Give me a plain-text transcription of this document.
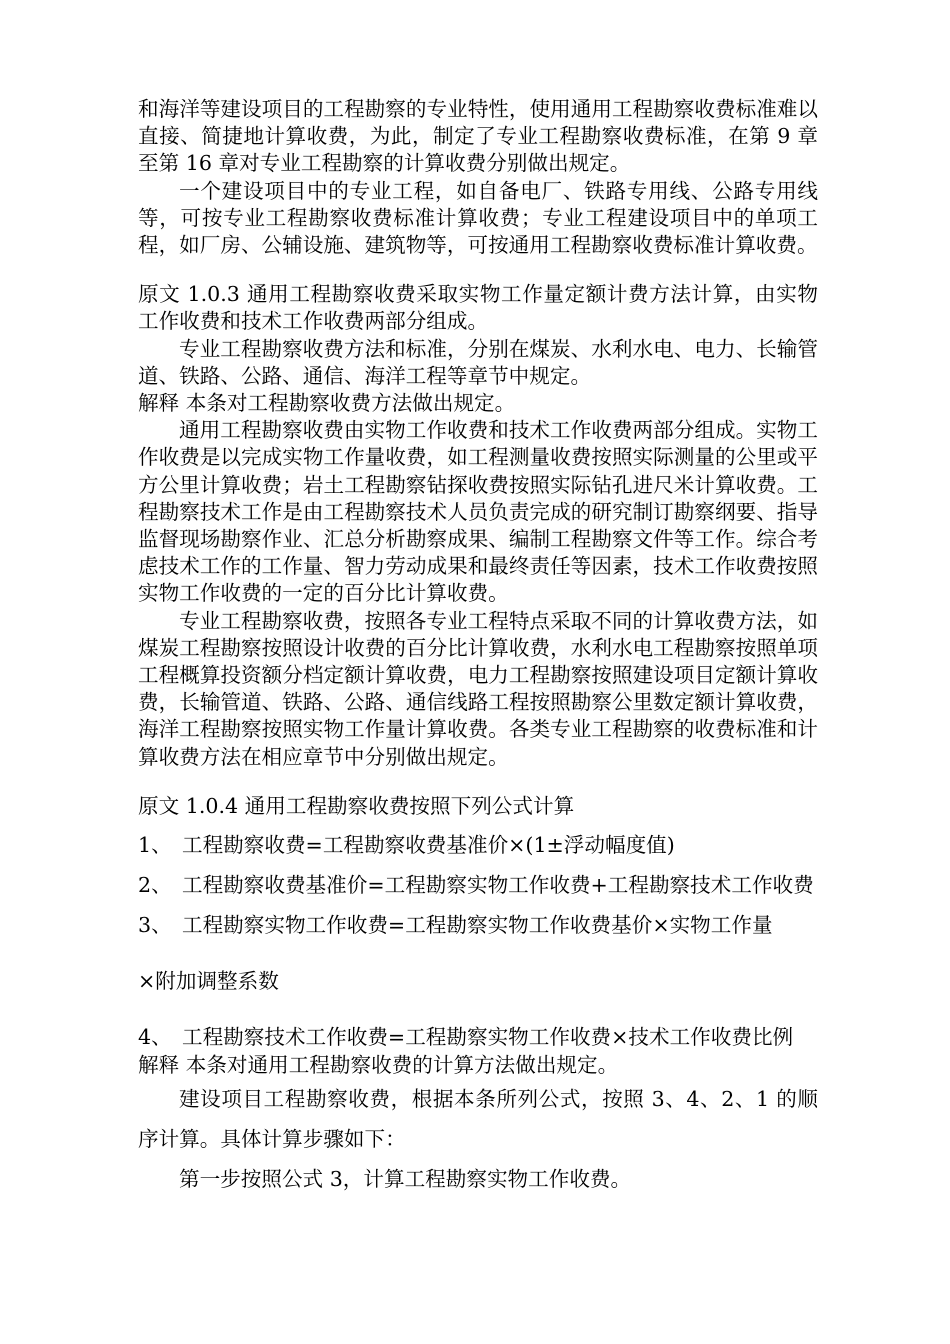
和海洋等建设项目的工程勘察的专业特性，使用通用工程勘察收费标准难以直接、简捷地计算收费，为此，制定了专业工程勘察收费标准，在第 9 章至第 16 章对专业工程勘察的计算收费分别做出规定。

一个建设项目中的专业工程，如自备电厂、铁路专用线、公路专用线等，可按专业工程勘察收费标准计算收费；专业工程建设项目中的单项工程，如厂房、公辅设施、建筑物等，可按通用工程勘察收费标准计算收费。

原文 1.0.3 通用工程勘察收费采取实物工作量定额计费方法计算，由实物工作收费和技术工作收费两部分组成。

专业工程勘察收费方法和标准，分别在煤炭、水利水电、电力、长输管道、铁路、公路、通信、海洋工程等章节中规定。

解释 本条对工程勘察收费方法做出规定。

通用工程勘察收费由实物工作收费和技术工作收费两部分组成。实物工作收费是以完成实物工作量收费，如工程测量收费按照实际测量的公里或平方公里计算收费；岩土工程勘察钻探收费按照实际钻孔进尺米计算收费。工程勘察技术工作是由工程勘察技术人员负责完成的研究制订勘察纲要、指导监督现场勘察作业、汇总分析勘察成果、编制工程勘察文件等工作。综合考虑技术工作的工作量、智力劳动成果和最终责任等因素，技术工作收费按照实物工作收费的一定的百分比计算收费。

专业工程勘察收费，按照各专业工程特点采取不同的计算收费方法，如煤炭工程勘察按照设计收费的百分比计算收费，水利水电工程勘察按照单项工程概算投资额分档定额计算收费，电力工程勘察按照建设项目定额计算收费，长输管道、铁路、公路、通信线路工程按照勘察公里数定额计算收费，海洋工程勘察按照实物工作量计算收费。各类专业工程勘察的收费标准和计算收费方法在相应章节中分别做出规定。

原文 1.0.4 通用工程勘察收费按照下列公式计算

1、 工程勘察收费=工程勘察收费基准价×(1±浮动幅度值)

2、 工程勘察收费基准价=工程勘察实物工作收费+工程勘察技术工作收费

3、 工程勘察实物工作收费=工程勘察实物工作收费基价×实物工作量

×附加调整系数

4、 工程勘察技术工作收费=工程勘察实物工作收费×技术工作收费比例

解释 本条对通用工程勘察收费的计算方法做出规定。

建设项目工程勘察收费，根据本条所列公式，按照 3、4、2、1 的顺序计算。具体计算步骤如下：

第一步按照公式 3，计算工程勘察实物工作收费。
